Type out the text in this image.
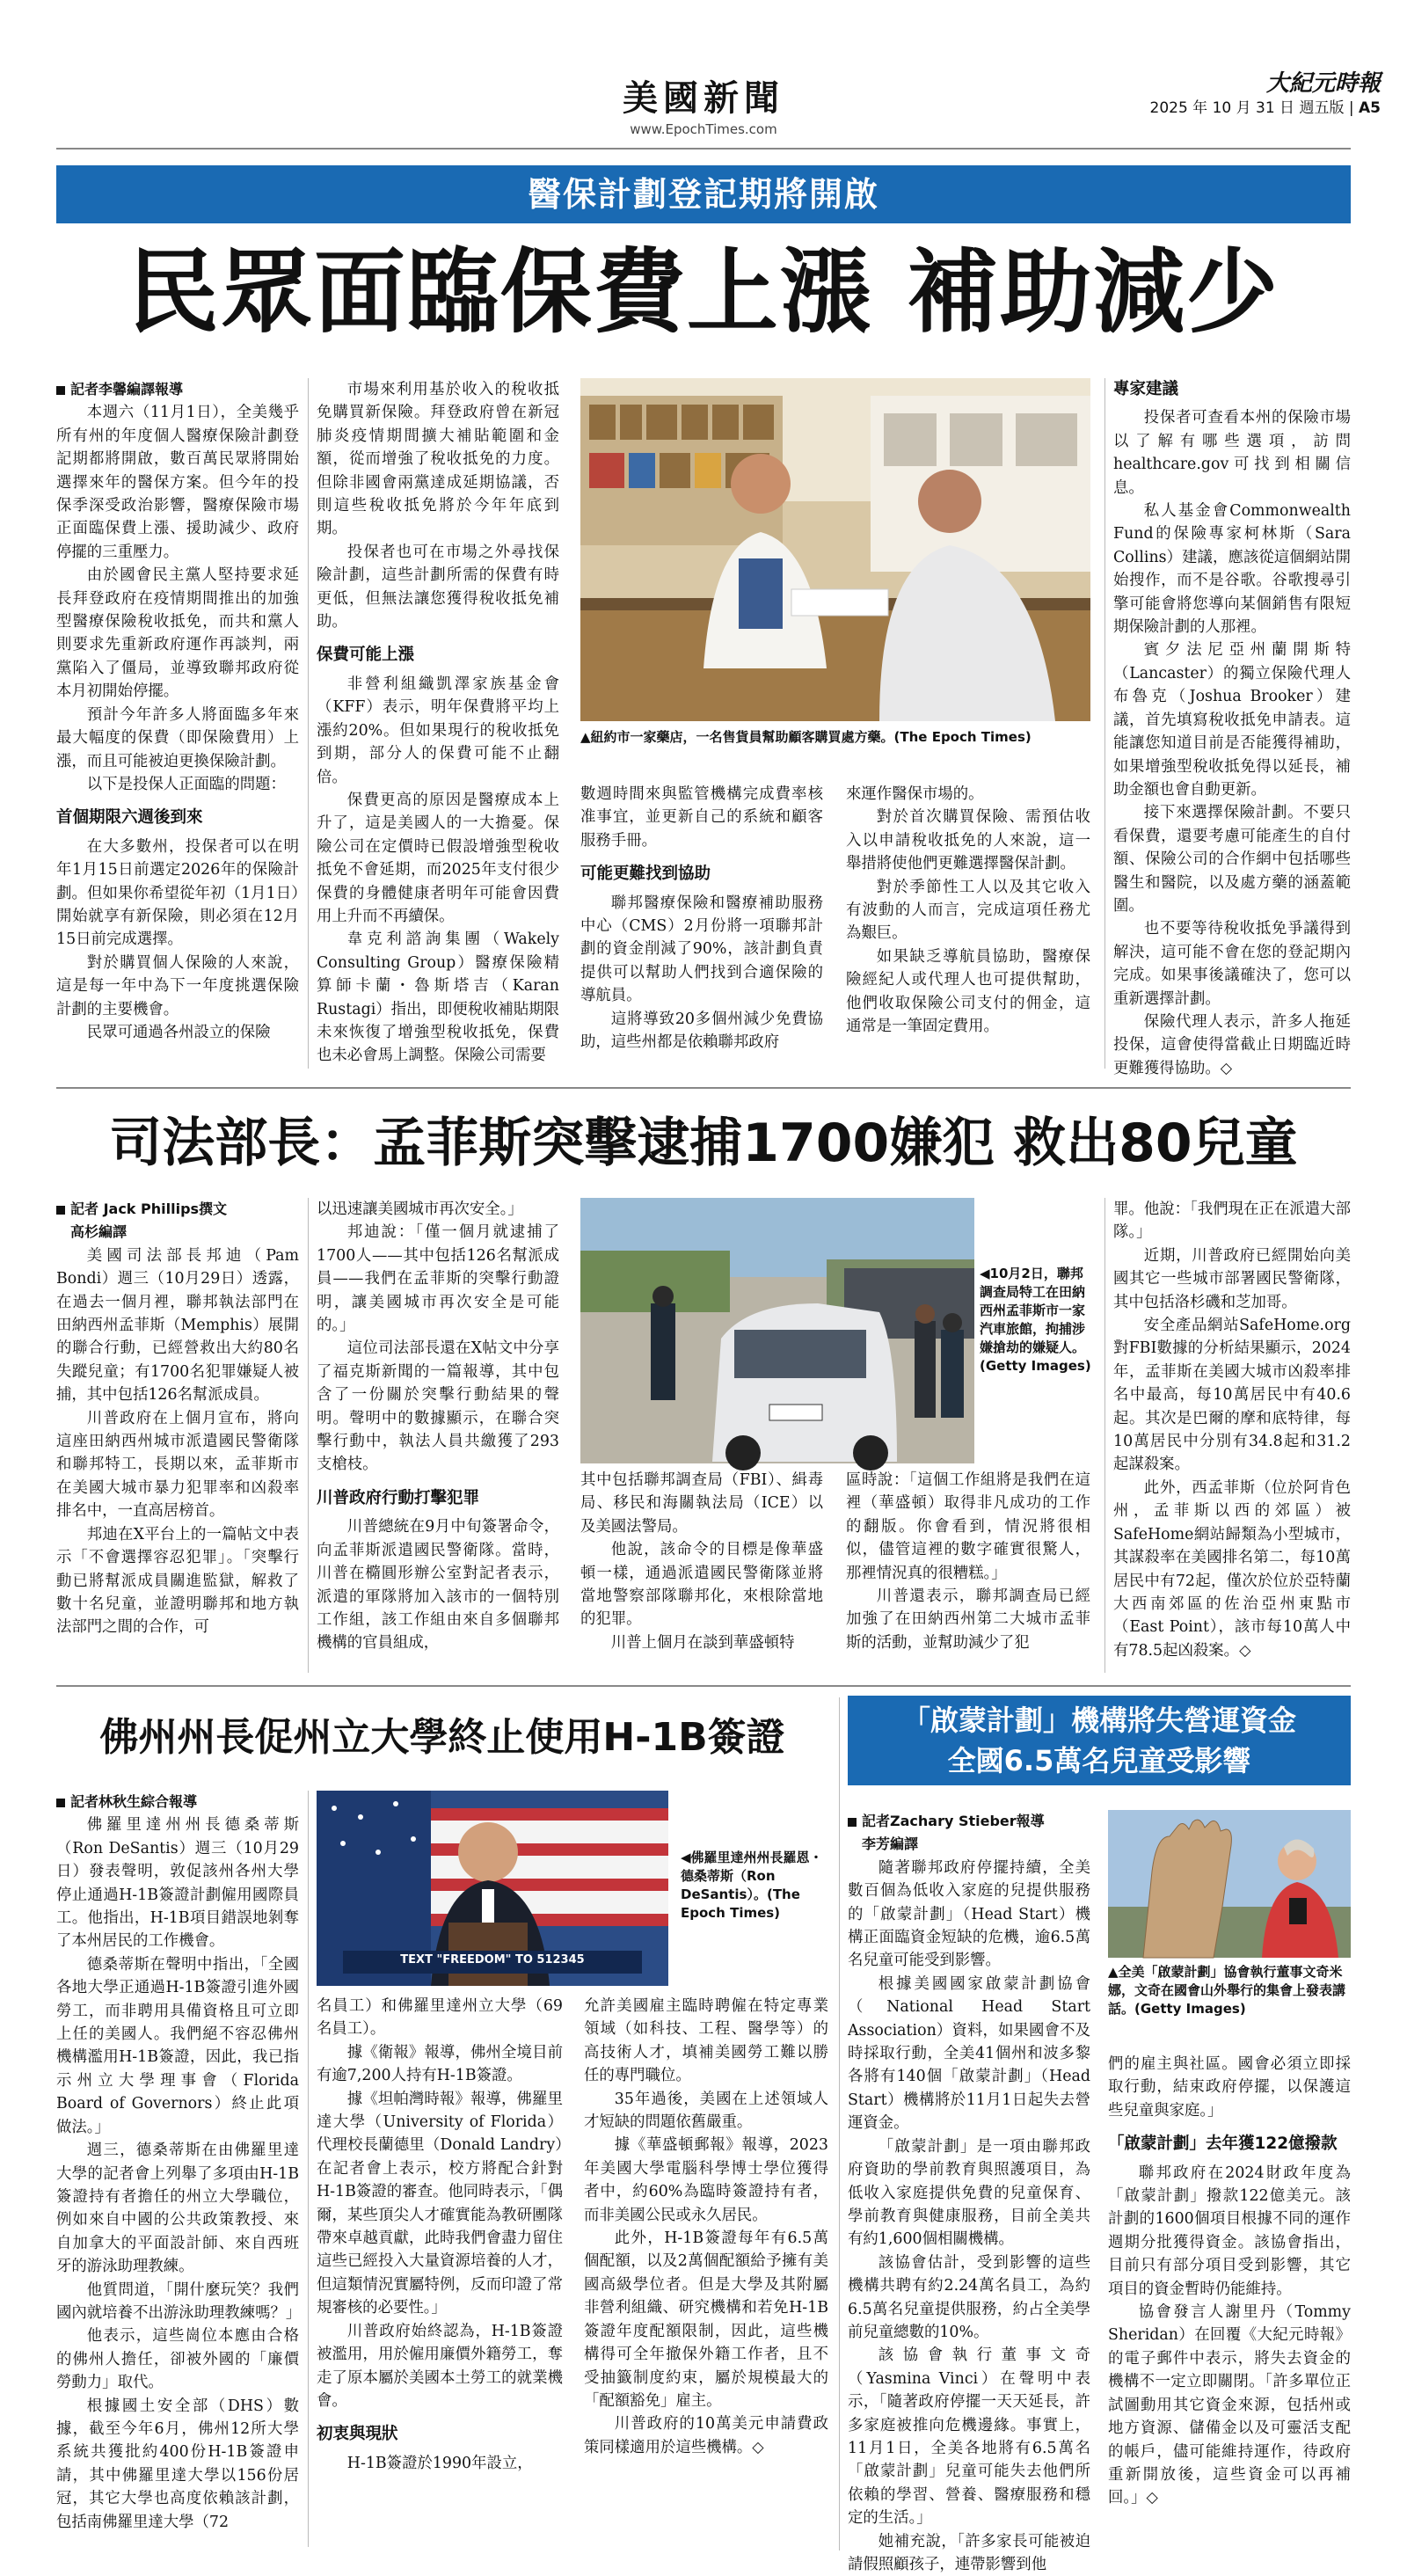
美國新聞
www.EpochTimes.com
大紀元時報
2025 年 10 月 31 日 週五版 | A5
醫保計劃登記期將開啟
民眾面臨保費上漲 補助減少

記者李馨編譯報導

本週六（11月1日），全美幾乎所有州的年度個人醫療保險計劃登記期都將開啟，數百萬民眾將開始選擇來年的醫保方案。但今年的投保季深受政治影響，醫療保險市場正面臨保費上漲、援助減少、政府停擺的三重壓力。

由於國會民主黨人堅持要求延長拜登政府在疫情期間推出的加強型醫療保險稅收抵免，而共和黨人則要求先重新政府運作再談判，兩黨陷入了僵局，並導致聯邦政府從本月初開始停擺。

預計今年許多人將面臨多年來最大幅度的保費（即保險費用）上漲，而且可能被迫更換保險計劃。

以下是投保人正面臨的問題：

首個期限六週後到來

在大多數州，投保者可以在明年1月15日前選定2026年的保險計劃。但如果你希望從年初（1月1日）開始就享有新保險，則必須在12月15日前完成選擇。

對於購買個人保險的人來說，這是每一年中為下一年度挑選保險計劃的主要機會。

民眾可通過各州設立的保險

市場來利用基於收入的稅收抵免購買新保險。拜登政府曾在新冠肺炎疫情期間擴大補貼範圍和金額，從而增強了稅收抵免的力度。但除非國會兩黨達成延期協議，否則這些稅收抵免將於今年年底到期。

投保者也可在市場之外尋找保險計劃，這些計劃所需的保費有時更低，但無法讓您獲得稅收抵免補助。

保費可能上漲

非營利組織凱澤家族基金會（KFF）表示，明年保費將平均上漲約20%。但如果現行的稅收抵免到期，部分人的保費可能不止翻倍。

保費更高的原因是醫療成本上升了，這是美國人的一大擔憂。保險公司在定價時已假設增強型稅收抵免不會延期，而2025年支付很少保費的身體健康者明年可能會因費用上升而不再續保。

韋克利諮詢集團（Wakely Consulting Group）醫療保險精算師卡蘭・魯斯塔吉（Karan Rustagi）指出，即便稅收補貼期限未來恢復了增強型稅收抵免，保費也未必會馬上調整。保險公司需要

▲紐約市一家藥店，一名售貨員幫助顧客購買處方藥。(The Epoch Times)

數週時間來與監管機構完成費率核准事宜，並更新自己的系統和顧客服務手冊。

可能更難找到協助

聯邦醫療保險和醫療補助服務中心（CMS）2月份將一項聯邦計劃的資金削減了90%，該計劃負責提供可以幫助人們找到合適保險的導航員。

這將導致20多個州減少免費協助，這些州都是依賴聯邦政府

來運作醫保市場的。

對於首次購買保險、需預估收入以申請稅收抵免的人來說，這一舉措將使他們更難選擇醫保計劃。

對於季節性工人以及其它收入有波動的人而言，完成這項任務尤為艱巨。

如果缺乏導航員協助，醫療保險經紀人或代理人也可提供幫助，他們收取保險公司支付的佣金，這通常是一筆固定費用。

專家建議

投保者可查看本州的保險市場以了解有哪些選項，訪問healthcare.gov可找到相關信息。

私人基金會Commonwealth Fund的保險專家柯林斯（Sara Collins）建議，應該從這個網站開始搜作，而不是谷歌。谷歌搜尋引擎可能會將您導向某個銷售有限短期保險計劃的人那裡。

賓夕法尼亞州蘭開斯特（Lancaster）的獨立保險代理人布魯克（Joshua Brooker）建議，首先填寫稅收抵免申請表。這能讓您知道目前是否能獲得補助，如果增強型稅收抵免得以延長，補助金額也會自動更新。

接下來選擇保險計劃。不要只看保費，還要考慮可能產生的自付額、保險公司的合作網中包括哪些醫生和醫院，以及處方藥的涵蓋範圍。

也不要等待稅收抵免爭議得到解決，這可能不會在您的登記期內完成。如果事後議確決了，您可以重新選擇計劃。

保險代理人表示，許多人拖延投保，這會使得當截止日期臨近時更難獲得協助。◇

司法部長：孟菲斯突擊逮捕1700嫌犯 救出80兒童

記者 Jack Phillips撰文

高杉編譯

美國司法部長邦迪（Pam Bondi）週三（10月29日）透露，在過去一個月裡，聯邦執法部門在田納西州孟菲斯（Memphis）展開的聯合行動，已經營救出大約80名失蹤兒童；有1700名犯罪嫌疑人被捕，其中包括126名幫派成員。

川普政府在上個月宣布，將向這座田納西州城市派遣國民警衛隊和聯邦特工，長期以來，孟菲斯市在美國大城市暴力犯罪率和凶殺率排名中，一直高居榜首。

邦迪在X平台上的一篇帖文中表示「不會選擇容忍犯罪」。「突擊行動已將幫派成員關進監獄，解救了數十名兒童，並證明聯邦和地方執法部門之間的合作，可

以迅速讓美國城市再次安全。」

邦迪說：「僅一個月就逮捕了1700人——其中包括126名幫派成員——我們在孟菲斯的突擊行動證明，讓美國城市再次安全是可能的。」

這位司法部長還在X帖文中分享了福克斯新聞的一篇報導，其中包含了一份關於突擊行動結果的聲明。聲明中的數據顯示，在聯合突擊行動中，執法人員共繳獲了293支槍枝。

川普政府行動打擊犯罪

川普總統在9月中旬簽署命令，向孟菲斯派遣國民警衛隊。當時，川普在橢圓形辦公室對記者表示，派遣的軍隊將加入該市的一個特別工作組，該工作組由來自多個聯邦機構的官員組成，

◀10月2日，聯邦調查局特工在田納西州孟菲斯市一家汽車旅館，拘捕涉嫌搶劫的嫌疑人。(Getty Images)

其中包括聯邦調查局（FBI）、緝毒局、移民和海關執法局（ICE）以及美國法警局。

他說，該命令的目標是像華盛頓一樣，通過派遣國民警衛隊並將當地警察部隊聯邦化，來根除當地的犯罪。

川普上個月在談到華盛頓特

區時說：「這個工作組將是我們在這裡（華盛頓）取得非凡成功的工作的翻版。你會看到，情況將很相似，儘管這裡的數字確實很驚人，那裡情況真的很糟糕。」

川普還表示，聯邦調查局已經加強了在田納西州第二大城市孟菲斯的活動，並幫助減少了犯

罪。他說：「我們現在正在派遣大部隊。」

近期，川普政府已經開始向美國其它一些城市部署國民警衛隊，其中包括洛杉磯和芝加哥。

安全產品網站SafeHome.org對FBI數據的分析結果顯示，2024年，孟菲斯在美國大城市凶殺率排名中最高，每10萬居民中有40.6起。其次是巴爾的摩和底特律，每10萬居民中分別有34.8起和31.2起謀殺案。

此外，西孟菲斯（位於阿肯色州，孟菲斯以西的郊區）被SafeHome網站歸類為小型城市，其謀殺率在美國排名第二，每10萬居民中有72起，僅次於位於亞特蘭大西南郊區的佐治亞州東點市（East Point），該市每10萬人中有78.5起凶殺案。◇

佛州州長促州立大學終止使用H-1B簽證

記者林秋生綜合報導

佛羅里達州州長德桑蒂斯（Ron DeSantis）週三（10月29日）發表聲明，敦促該州各州大學停止通過H-1B簽證計劃僱用國際員工。他指出，H-1B項目錯誤地剝奪了本州居民的工作機會。

德桑蒂斯在聲明中指出，「全國各地大學正通過H-1B簽證引進外國勞工，而非聘用具備資格且可立即上任的美國人。我們絕不容忍佛州機構濫用H-1B簽證，因此，我已指示州立大學理事會（Florida Board of Governors）終止此項做法。」

週三，德桑蒂斯在由佛羅里達大學的記者會上列舉了多項由H-1B簽證持有者擔任的州立大學職位，例如來自中國的公共政策教授、來自加拿大的平面設計師、來自西班牙的游泳助理教練。

他質問道，「開什麼玩笑？我們國內就培養不出游泳助理教練嗎？」

他表示，這些崗位本應由合格的佛州人擔任，卻被外國的「廉價勞動力」取代。

根據國土安全部（DHS）數據，截至今年6月，佛州12所大學系統共獲批約400份H-1B簽證申請，其中佛羅里達大學以156份居冠，其它大學也高度依賴該計劃，包括南佛羅里達大學（72

TEXT "FREEDOM" TO 512345
◀佛羅里達州州長羅恩・德桑蒂斯（Ron DeSantis）。(The Epoch Times)

名員工）和佛羅里達州立大學（69名員工）。

據《衛報》報導，佛州全境目前有逾7,200人持有H-1B簽證。

據《坦帕灣時報》報導，佛羅里達大學（University of Florida）代理校長蘭德里（Donald Landry）在記者會上表示，校方將配合針對H-1B簽證的審查。他同時表示，「偶爾，某些頂尖人才確實能為教研團隊帶來卓越貢獻，此時我們會盡力留住這些已經投入大量資源培養的人才，但這類情況實屬特例，反而印證了常規審核的必要性。」

川普政府始終認為，H-1B簽證被濫用，用於僱用廉價外籍勞工，奪走了原本屬於美國本土勞工的就業機會。

初衷與現狀

H-1B簽證於1990年設立，

允許美國雇主臨時聘僱在特定專業領域（如科技、工程、醫學等）的高技術人才，填補美國勞工難以勝任的專門職位。

35年過後，美國在上述領域人才短缺的問題依舊嚴重。

據《華盛頓郵報》報導，2023年美國大學電腦科學博士學位獲得者中，約60%為臨時簽證持有者，而非美國公民或永久居民。

此外，H-1B簽證每年有6.5萬個配額，以及2萬個配額給予擁有美國高級學位者。但是大學及其附屬非營利組織、研究機構和若免H-1B簽證年度配額限制，因此，這些機構得可全年撤保外籍工作者，且不受抽籤制度約束，屬於規模最大的「配額豁免」雇主。

川普政府的10萬美元申請費政策同樣適用於這些機構。◇

「啟蒙計劃」機構將失營運資金
全國6.5萬名兒童受影響

記者Zachary Stieber報導

李芳編譯

隨著聯邦政府停擺持續，全美數百個為低收入家庭的兒提供服務的「啟蒙計劃」（Head Start）機構正面臨資金短缺的危機，逾6.5萬名兒童可能受到影響。

根據美國國家啟蒙計劃協會（National Head Start Association）資料，如果國會不及時採取行動，全美41個州和波多黎各將有140個「啟蒙計劃」（Head Start）機構將於11月1日起失去營運資金。

「啟蒙計劃」是一項由聯邦政府資助的學前教育與照護項目，為低收入家庭提供免費的兒童保育、學前教育與健康服務，目前全美共有約1,600個相關機構。

該協會估計，受到影響的這些機構共聘有約2.24萬名員工，為約6.5萬名兒童提供服務，約占全美學前兒童總數的10%。

該協會執行董事文奇（Yasmina Vinci）在聲明中表示，「隨著政府停擺一天天延長，許多家庭被推向危機邊緣。事實上，11月1日，全美各地將有6.5萬名「啟蒙計劃」兒童可能失去他們所依賴的學習、營養、醫療服務和穩定的生活。」

她補充說，「許多家長可能被迫請假照顧孩子，連帶影響到他

▲全美「啟蒙計劃」協會執行董事文奇米娜，文奇在國會山外舉行的集會上發表講話。(Getty Images)

們的雇主與社區。國會必須立即採取行動，結束政府停擺，以保護這些兒童與家庭。」

「啟蒙計劃」去年獲122億撥款

聯邦政府在2024財政年度為「啟蒙計劃」撥款122億美元。該計劃的1600個項目根據不同的運作週期分批獲得資金。該協會指出，目前只有部分項目受到影響，其它項目的資金暫時仍能維持。

協會發言人謝里丹（Tommy Sheridan）在回覆《大紀元時報》的電子郵件中表示，將失去資金的機構不一定立即關閉。「許多單位正試圖動用其它資金來源，包括州或地方資源、儲備金以及可靈活支配的帳戶，儘可能維持運作，待政府重新開放後，這些資金可以再補回。」◇
